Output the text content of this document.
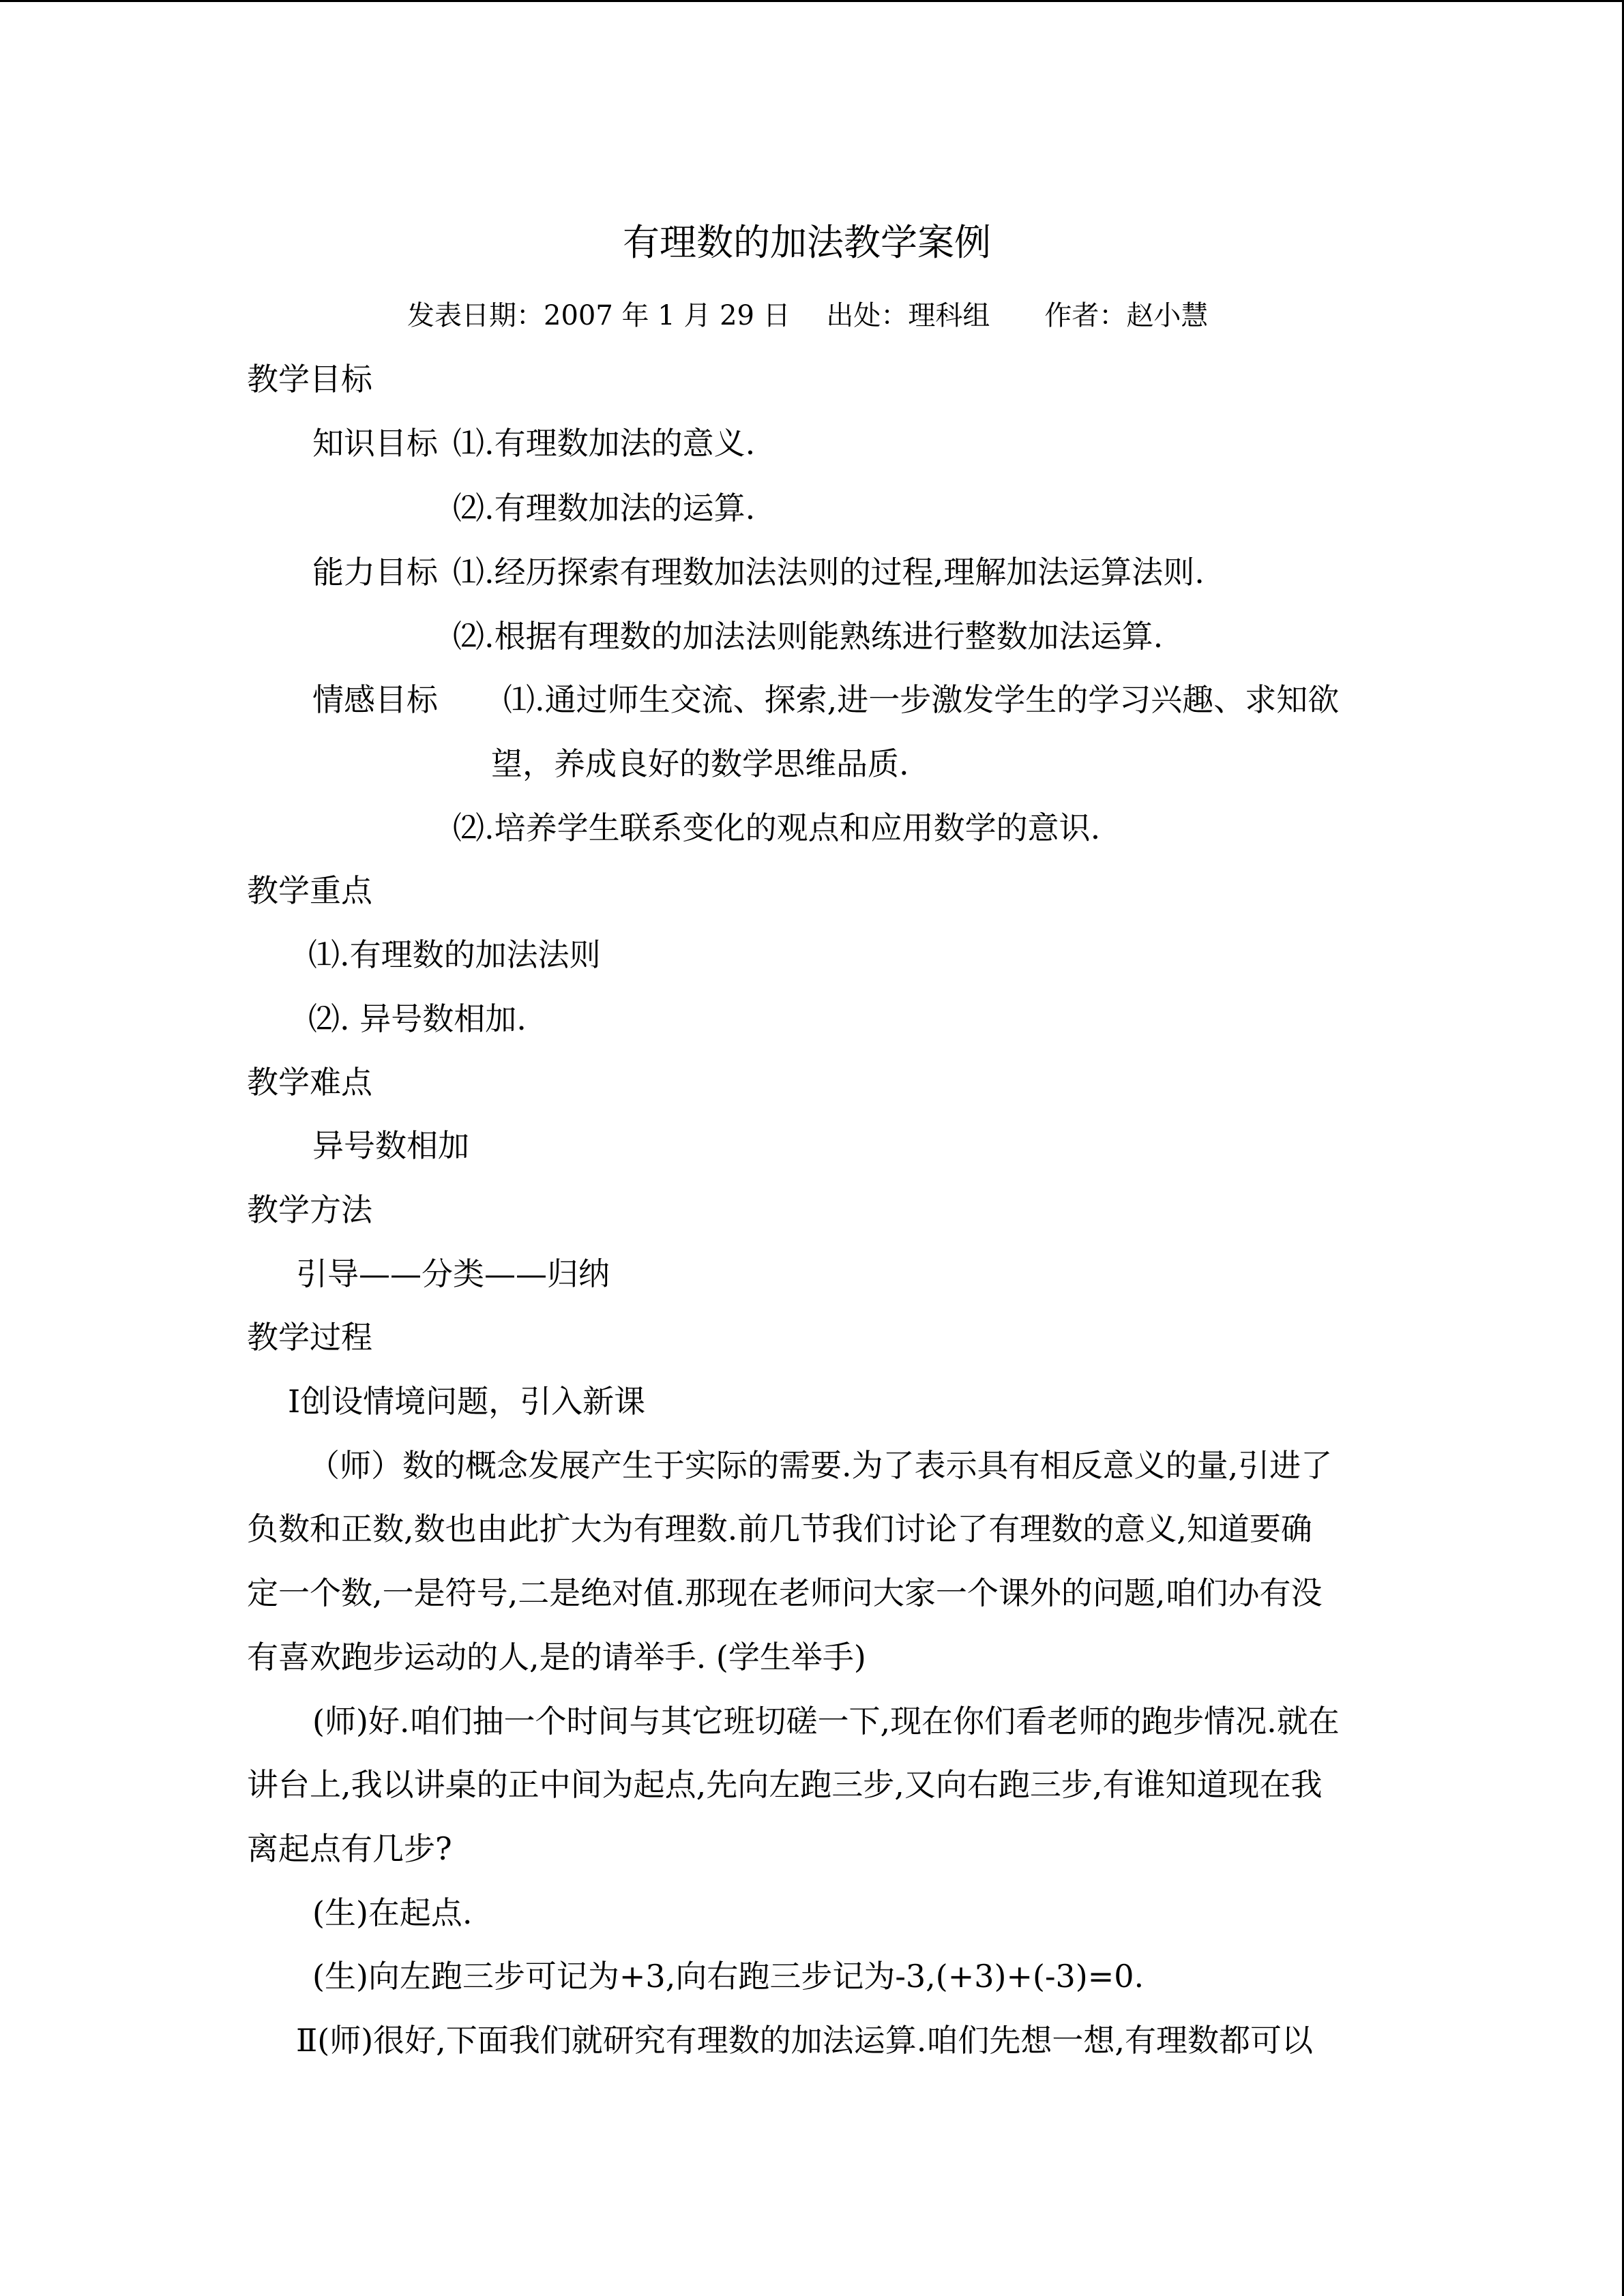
有理数的加法教学案例
发表日期：2007 年 1 月 29 日　 出处：理科组　　作者：赵小慧
教学目标
知识目标 ⑴.有理数加法的意义.
⑵.有理数加法的运算.
能力目标 ⑴.经历探索有理数加法法则的过程,理解加法运算法则.
⑵.根据有理数的加法法则能熟练进行整数加法运算.
情感目标 ⑴.通过师生交流、探索,进一步激发学生的学习兴趣、求知欲
望，养成良好的数学思维品质.
⑵.培养学生联系变化的观点和应用数学的意识.
教学重点
⑴.有理数的加法法则
⑵. 异号数相加.
教学难点
异号数相加
教学方法
引导——分类——归纳
教学过程
Ⅰ创设情境问题，引入新课
（师）数的概念发展产生于实际的需要.为了表示具有相反意义的量,引进了
负数和正数,数也由此扩大为有理数.前几节我们讨论了有理数的意义,知道要确
定一个数,一是符号,二是绝对值.那现在老师问大家一个课外的问题,咱们办有没
有喜欢跑步运动的人,是的请举手. (学生举手)
(师)好.咱们抽一个时间与其它班切磋一下,现在你们看老师的跑步情况.就在
讲台上,我以讲桌的正中间为起点,先向左跑三步,又向右跑三步,有谁知道现在我
离起点有几步?
(生)在起点.
(生)向左跑三步可记为+3,向右跑三步记为-3,(+3)+(-3)=0.
Ⅱ(师)很好,下面我们就研究有理数的加法运算.咱们先想一想,有理数都可以
